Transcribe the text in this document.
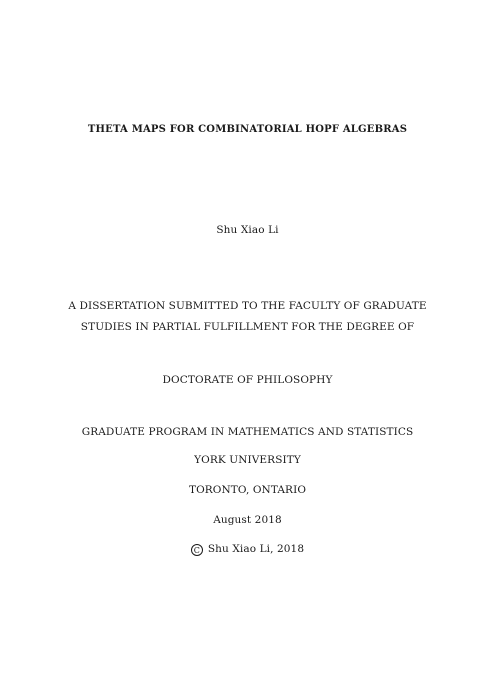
THETA MAPS FOR COMBINATORIAL HOPF ALGEBRAS
Shu Xiao Li
A DISSERTATION SUBMITTED TO THE FACULTY OF GRADUATE
STUDIES IN PARTIAL FULFILLMENT FOR THE DEGREE OF
DOCTORATE OF PHILOSOPHY
GRADUATE PROGRAM IN MATHEMATICS AND STATISTICS
YORK UNIVERSITY
TORONTO, ONTARIO
August 2018
C Shu Xiao Li, 2018
